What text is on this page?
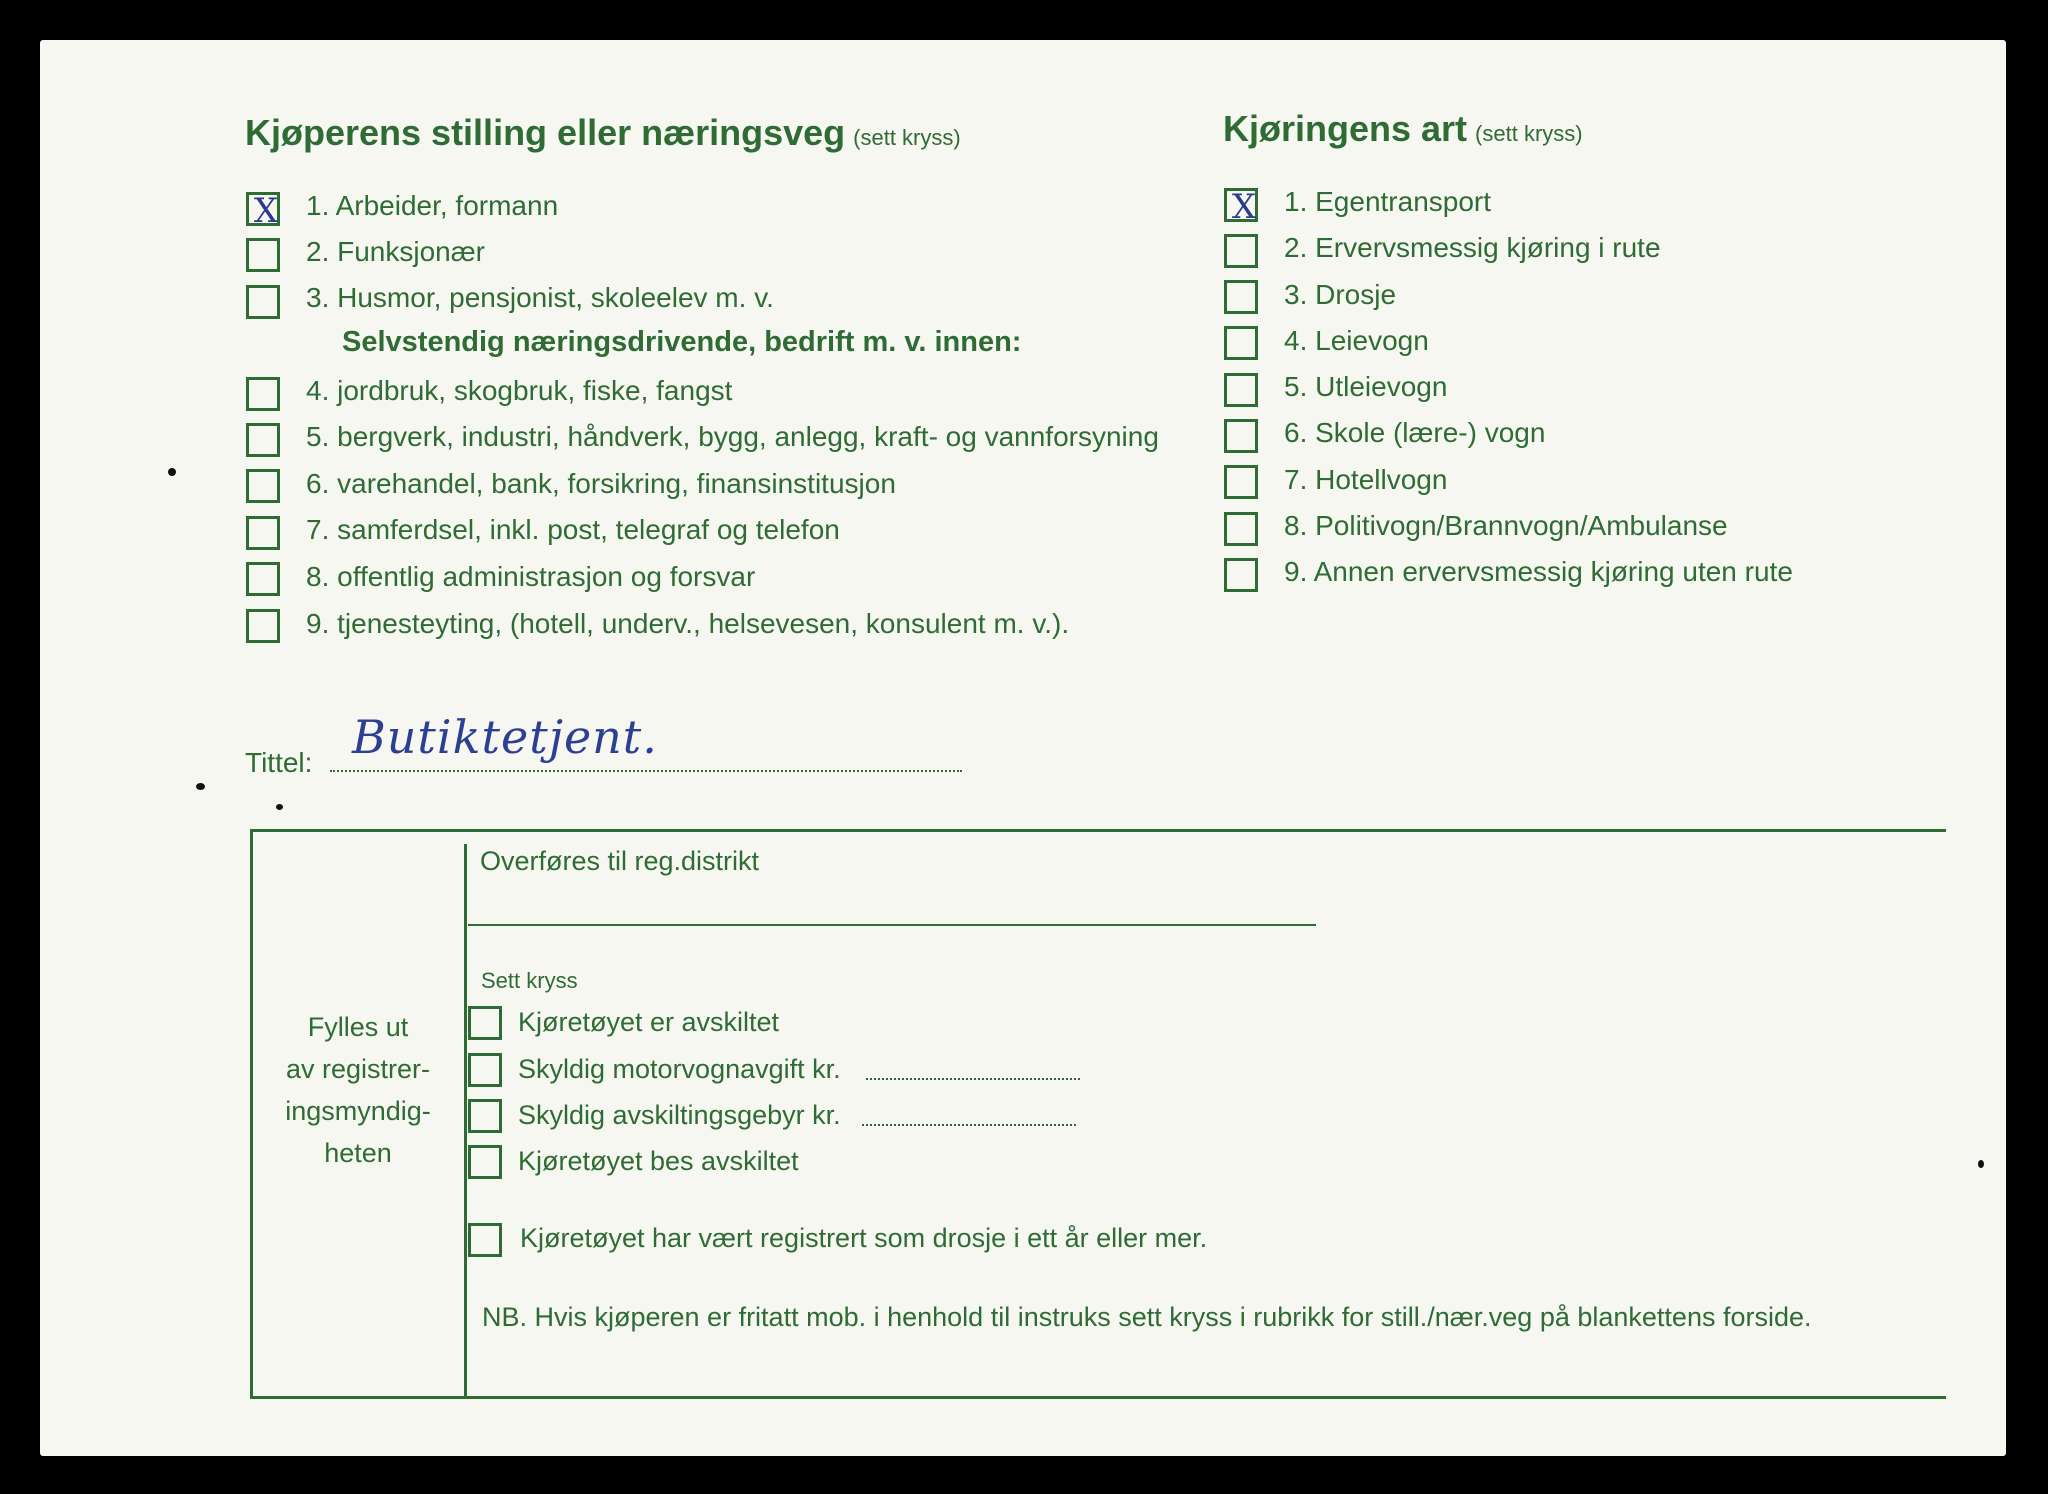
Kjøperens stilling eller næringsveg (sett kryss)
X 1. Arbeider, formann
2. Funksjonær
3. Husmor, pensjonist, skoleelev m. v.
Selvstendig næringsdrivende, bedrift m. v. innen:
4. jordbruk, skogbruk, fiske, fangst
5. bergverk, industri, håndverk, bygg, anlegg, kraft- og vannforsyning
6. varehandel, bank, forsikring, finansinstitusjon
7. samferdsel, inkl. post, telegraf og telefon
8. offentlig administrasjon og forsvar
9. tjenesteyting, (hotell, underv., helsevesen, konsulent m. v.).
Kjøringens art (sett kryss)
X 1. Egentransport
2. Ervervsmessig kjøring i rute
3. Drosje
4. Leievogn
5. Utleievogn
6. Skole (lære-) vogn
7. Hotellvogn
8. Politivogn/Brannvogn/Ambulanse
9. Annen ervervsmessig kjøring uten rute
Tittel: Butiktetjent.
Fylles ut
av registrer-
ingsmyndig-
heten
Overføres til reg.distrikt
Sett kryss
Kjøretøyet er avskiltet
Skyldig motorvognavgift kr.
Skyldig avskiltingsgebyr kr.
Kjøretøyet bes avskiltet
Kjøretøyet har vært registrert som drosje i ett år eller mer.
NB. Hvis kjøperen er fritatt mob. i henhold til instruks sett kryss i rubrikk for still./nær.veg på blankettens forside.
